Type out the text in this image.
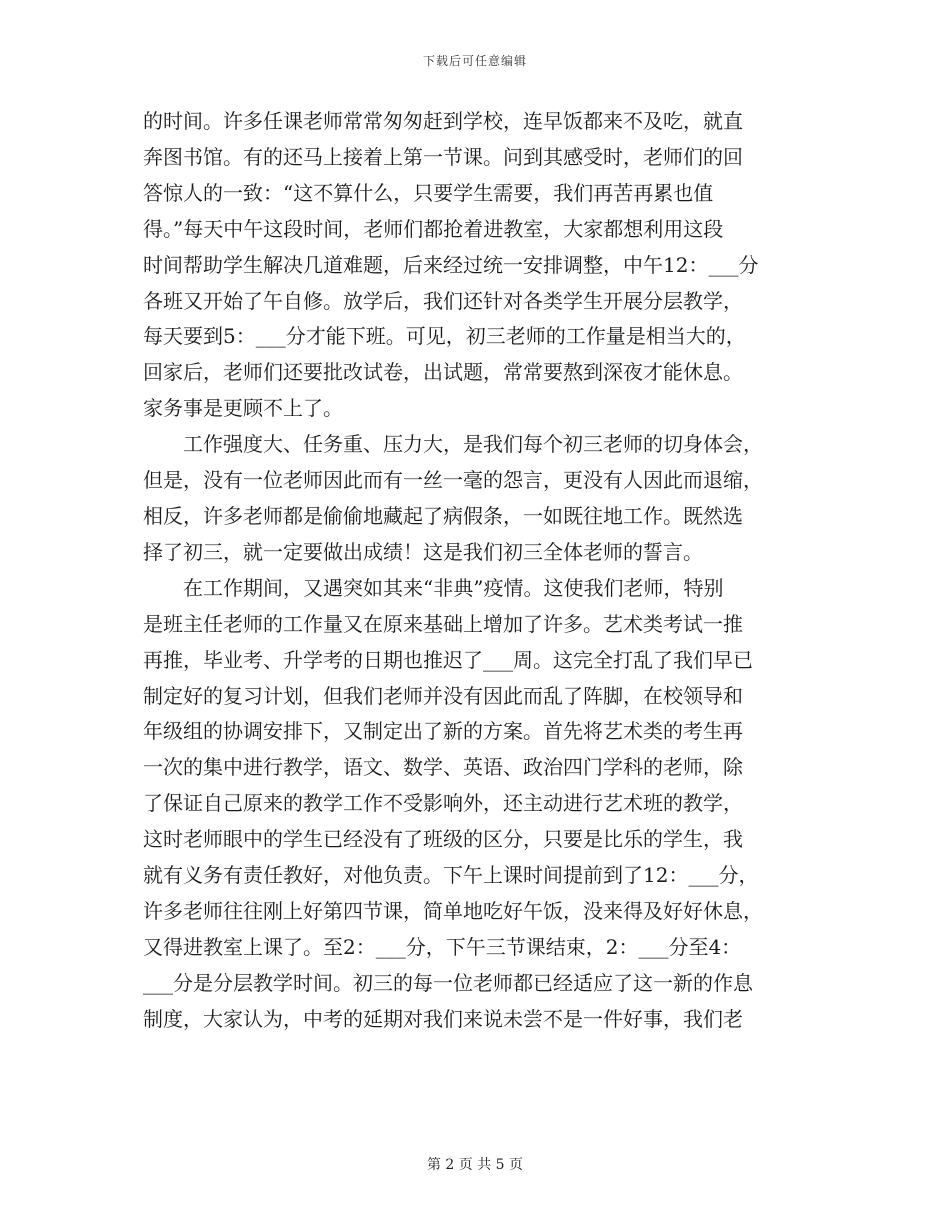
下载后可任意编辑

的时间。许多任课老师常常匆匆赶到学校，连早饭都来不及吃，就直
奔图书馆。有的还马上接着上第一节课。问到其感受时，老师们的回
答惊人的一致：“这不算什么，只要学生需要，我们再苦再累也值
得。”每天中午这段时间，老师们都抢着进教室，大家都想利用这段
时间帮助学生解决几道难题，后来经过统一安排调整，中午12：___分
各班又开始了午自修。放学后，我们还针对各类学生开展分层教学，
每天要到5：___分才能下班。可见，初三老师的工作量是相当大的，
回家后，老师们还要批改试卷，出试题，常常要熬到深夜才能休息。
家务事是更顾不上了。

工作强度大、任务重、压力大，是我们每个初三老师的切身体会，
但是，没有一位老师因此而有一丝一毫的怨言，更没有人因此而退缩，
相反，许多老师都是偷偷地藏起了病假条，一如既往地工作。既然选
择了初三，就一定要做出成绩！这是我们初三全体老师的誓言。

在工作期间，又遇突如其来“非典”疫情。这使我们老师，特别
是班主任老师的工作量又在原来基础上增加了许多。艺术类考试一推
再推，毕业考、升学考的日期也推迟了___周。这完全打乱了我们早已
制定好的复习计划，但我们老师并没有因此而乱了阵脚，在校领导和
年级组的协调安排下，又制定出了新的方案。首先将艺术类的考生再
一次的集中进行教学，语文、数学、英语、政治四门学科的老师，除
了保证自己原来的教学工作不受影响外，还主动进行艺术班的教学，
这时老师眼中的学生已经没有了班级的区分，只要是比乐的学生，我
就有义务有责任教好，对他负责。下午上课时间提前到了12：___分，
许多老师往往刚上好第四节课，简单地吃好午饭，没来得及好好休息，
又得进教室上课了。至2：___分，下午三节课结束，2：___分至4：
___分是分层教学时间。初三的每一位老师都已经适应了这一新的作息
制度，大家认为，中考的延期对我们来说未尝不是一件好事，我们老

第 2 页 共 5 页
